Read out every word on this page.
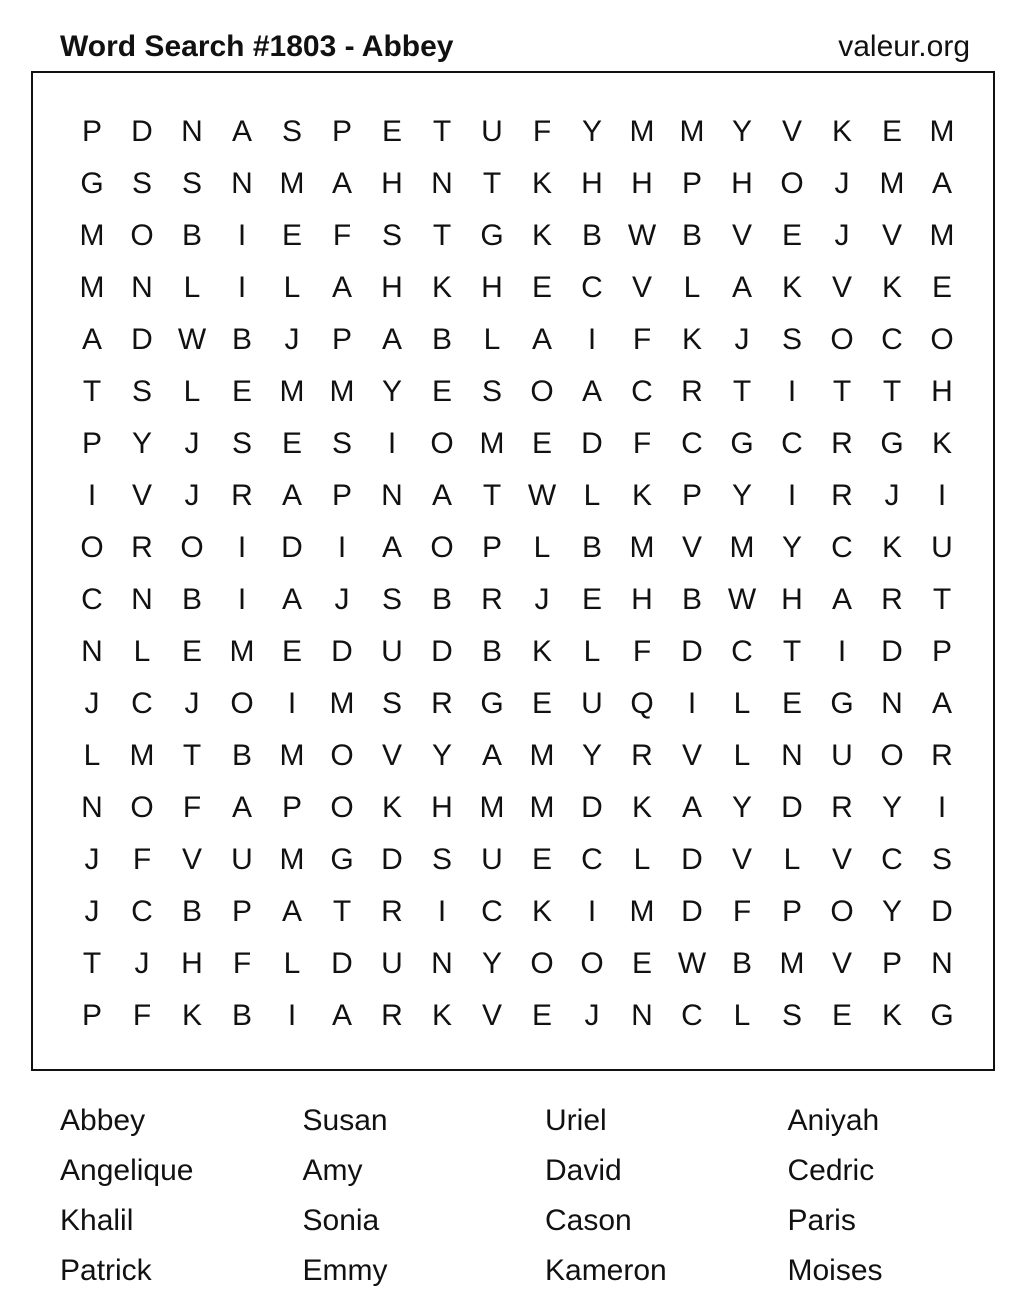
Word Search #1803 - Abbey	valeur.org
P D N A S P E	T	U	F	Y M M Y V K E M
G S S N M A H N	T	K H H P H O	J	M A
M O B	I	E	F	S	T G K B W B V E	J	V M
M N	L	I	L	A H K H E C V	L	A K V K E
A D W B	J	P A B	L	A	I	F	K	J	S O C O
T	S	L	E M M Y E S O A C R	T	I	T	T	H
P Y	J	S E S	I	O M E D	F	C G C R G K
I	V	J	R A P N A	T W L	K P Y	I	R	J	I
O R O	I	D	I	A O P	L	B M V M Y C K U
C N B	I	A	J	S B R	J	E H B W H A R	T
N	L	E M E D U D B K	L	F	D C	T	I	D P
J	C	J	O	I	M S R G E U Q	I	L	E G N A
L M T	B M O V Y A M Y R V	L	N U O R
N O F	A P O K H M M D K A Y D R Y	I
J	F	V U M G D S U E C	L	D V	L	V C S
J	C B P A	T	R	I	C K	I	M D	F	P O Y D
T	J	H	F	L	D U N Y O O E W B M V P N
P	F	K B	I	A R K V E	J	N C	L	S E K G
Abbey	Susan	Uriel	Aniyah
Angelique	Amy	David	Cedric
Khalil	Sonia	Cason	Paris
Patrick	Emmy	Kameron	Moises
